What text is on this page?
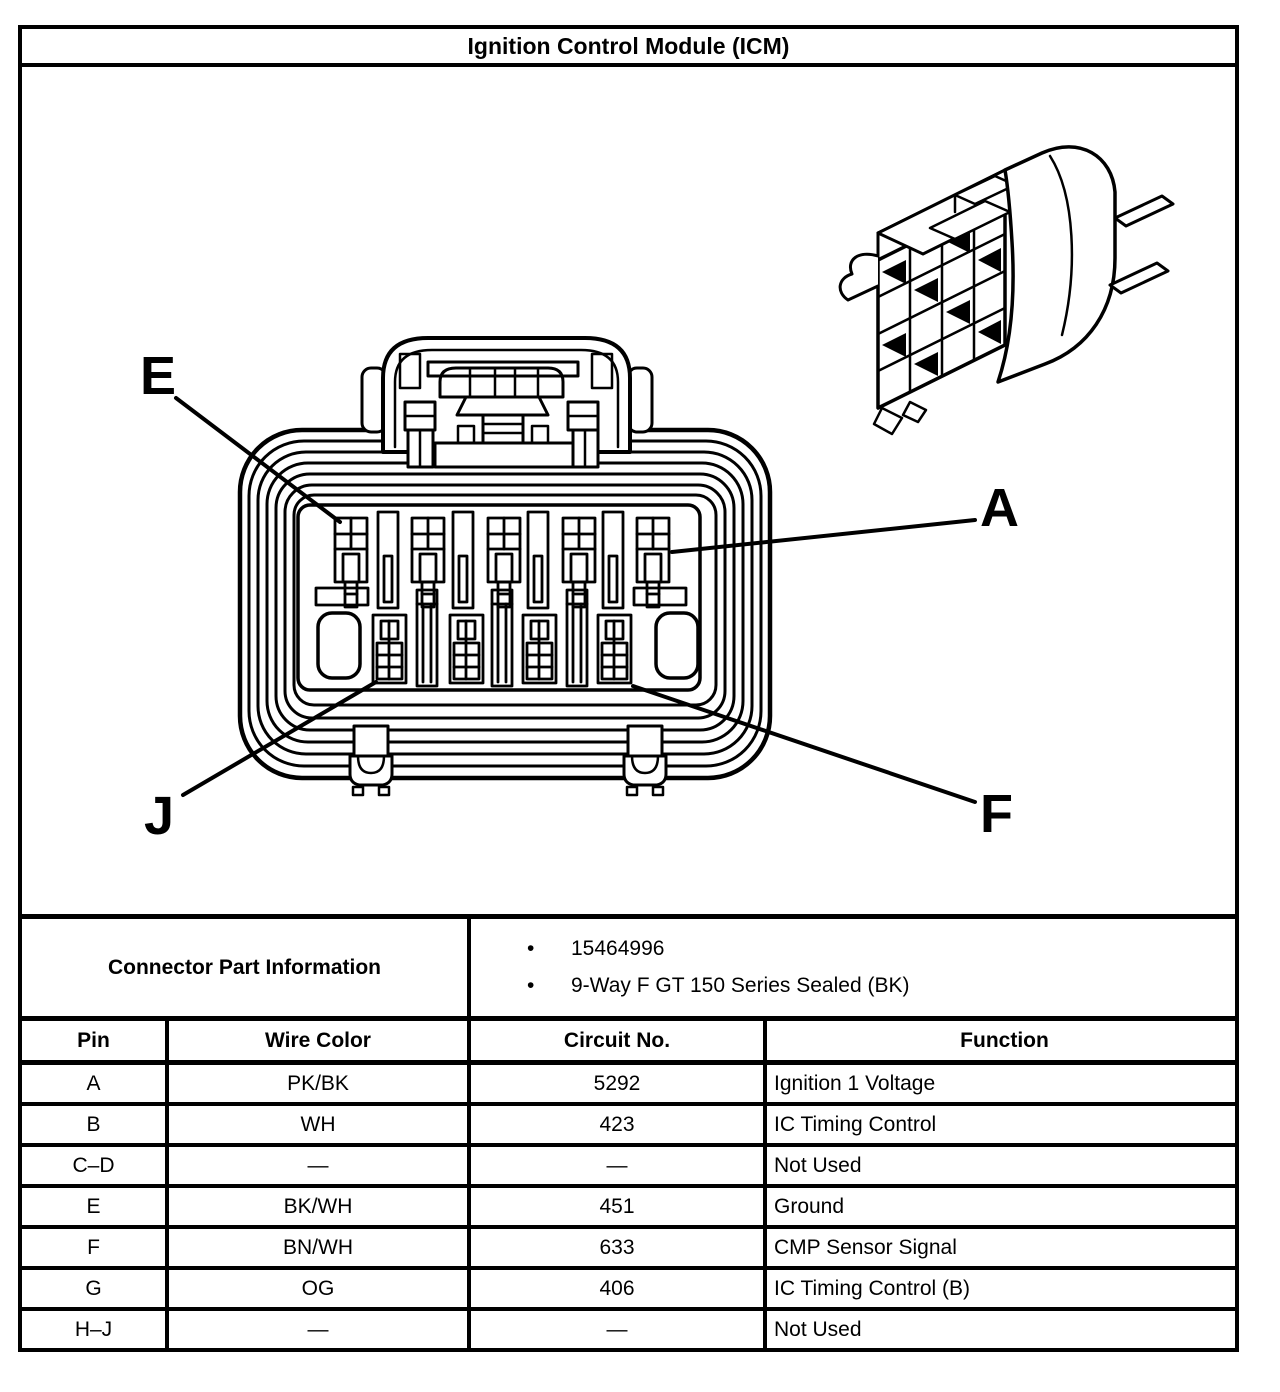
Ignition Control Module (ICM)
E
A
J	F
Connector Part Information
•	15464996
•	9-Way F GT 150 Series Sealed (BK)
Pin	Wire Color	Circuit No.	Function
A	PK/BK	5292	Ignition 1 Voltage
B	WH	423	IC Timing Control
C–D	—	—	Not Used
E	BK/WH	451	Ground
F	BN/WH	633	CMP Sensor Signal
G	OG	406	IC Timing Control (B)
H–J	—	—	Not Used
